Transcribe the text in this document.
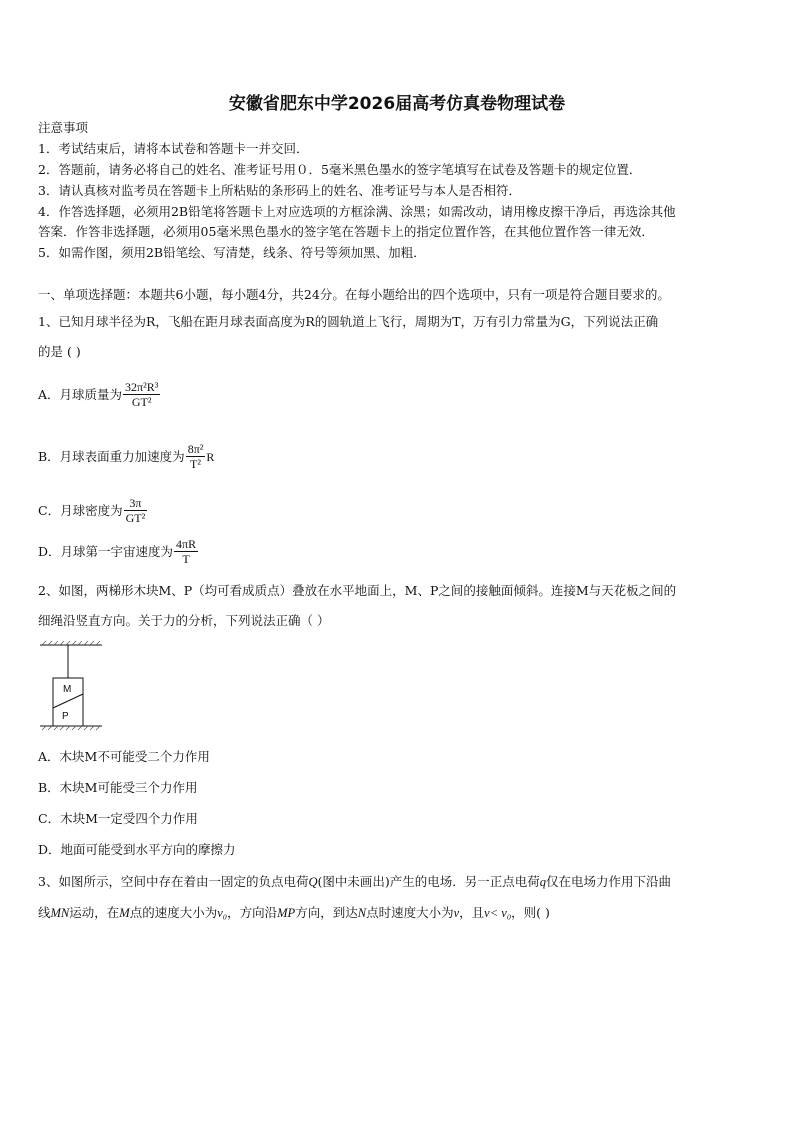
安徽省肥东中学2026届高考仿真卷物理试卷
注意事项
1．考试结束后，请将本试卷和答题卡一并交回．
2．答题前，请务必将自己的姓名、准考证号用０．5毫米黑色墨水的签字笔填写在试卷及答题卡的规定位置．
3．请认真核对监考员在答题卡上所粘贴的条形码上的姓名、准考证号与本人是否相符．
4．作答选择题，必须用2B铅笔将答题卡上对应选项的方框涂满、涂黑；如需改动，请用橡皮擦干净后，再选涂其他
答案．作答非选择题，必须用05毫米黑色墨水的签字笔在答题卡上的指定位置作答，在其他位置作答一律无效．
5．如需作图，须用2B铅笔绘、写清楚，线条、符号等须加黑、加粗．
一、单项选择题：本题共6小题，每小题4分，共24分。在每小题给出的四个选项中，只有一项是符合题目要求的。
1、已知月球半径为R，飞船在距月球表面高度为R的圆轨道上飞行，周期为T，万有引力常量为G，下列说法正确
的是 ( )
A．月球质量为 $\frac{\text{32π²R³}}{\text{GT²}}$
B．月球表面重力加速度为 $\frac{\text{8π²}}{\text{T²}}$ R
C．月球密度为 $\frac{3\pi}{\text{GT²}}$
D．月球第一宇宙速度为 $\frac{4\pi R}{T}$
2、如图，两梯形木块M、P（均可看成质点）叠放在水平地面上，M、P之间的接触面倾斜。连接M与天花板之间的
细绳沿竖直方向。关于力的分析，下列说法正确（ ）
M
P
A．木块M不可能受二个力作用
B．木块M可能受三个力作用
C．木块M一定受四个力作用
D．地面可能受到水平方向的摩擦力
3、如图所示，空间中存在着由一固定的负点电荷Q(图中未画出)产生的电场．另一正点电荷q仅在电场力作用下沿曲
线MN运动，在M点的速度大小为v₀，方向沿MP方向，到达N点时速度大小为v，且v< v₀，则( )
